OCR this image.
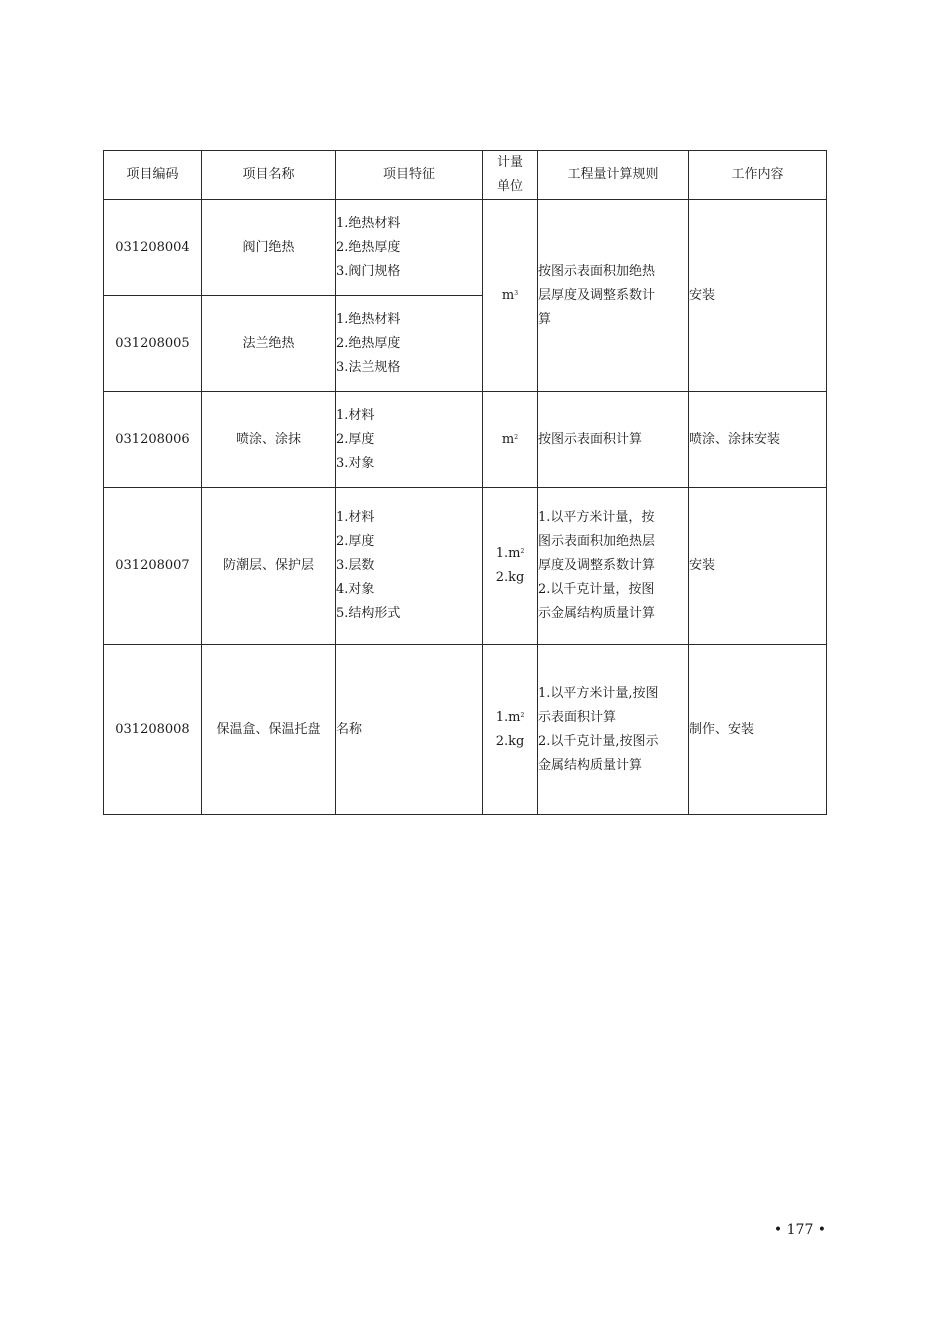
项目编码	项目名称	项目特征	计量
单位	工程量计算规则	工作内容
031208004	阀门绝热	1.绝热材料
2.绝热厚度
3.阀门规格	$m^3$	按图示表面积加绝热
层厚度及调整系数计
算	安装
031208005	法兰绝热	1.绝热材料
2.绝热厚度
3.法兰规格			

031208006	喷涂、涂抹	1.材料
2.厚度
3.对象	$m^2$	按图示表面积计算	喷涂、涂抹安装
031208007	防潮层、保护层	1.材料
2.厚度
3.层数
4.对象
5.结构形式	$1.m^2$
2.kg	1.以平方米计量，按
图示表面积加绝热层
厚度及调整系数计算
2.以千克计量，按图
示金属结构质量计算	安装
031208008	保温盒、保温托盘	名称	$1.m^2$
2.kg	1.以平方米计量,按图
示表面积计算
2.以千克计量,按图示
金属结构质量计算	制作、安装
• 177 •
